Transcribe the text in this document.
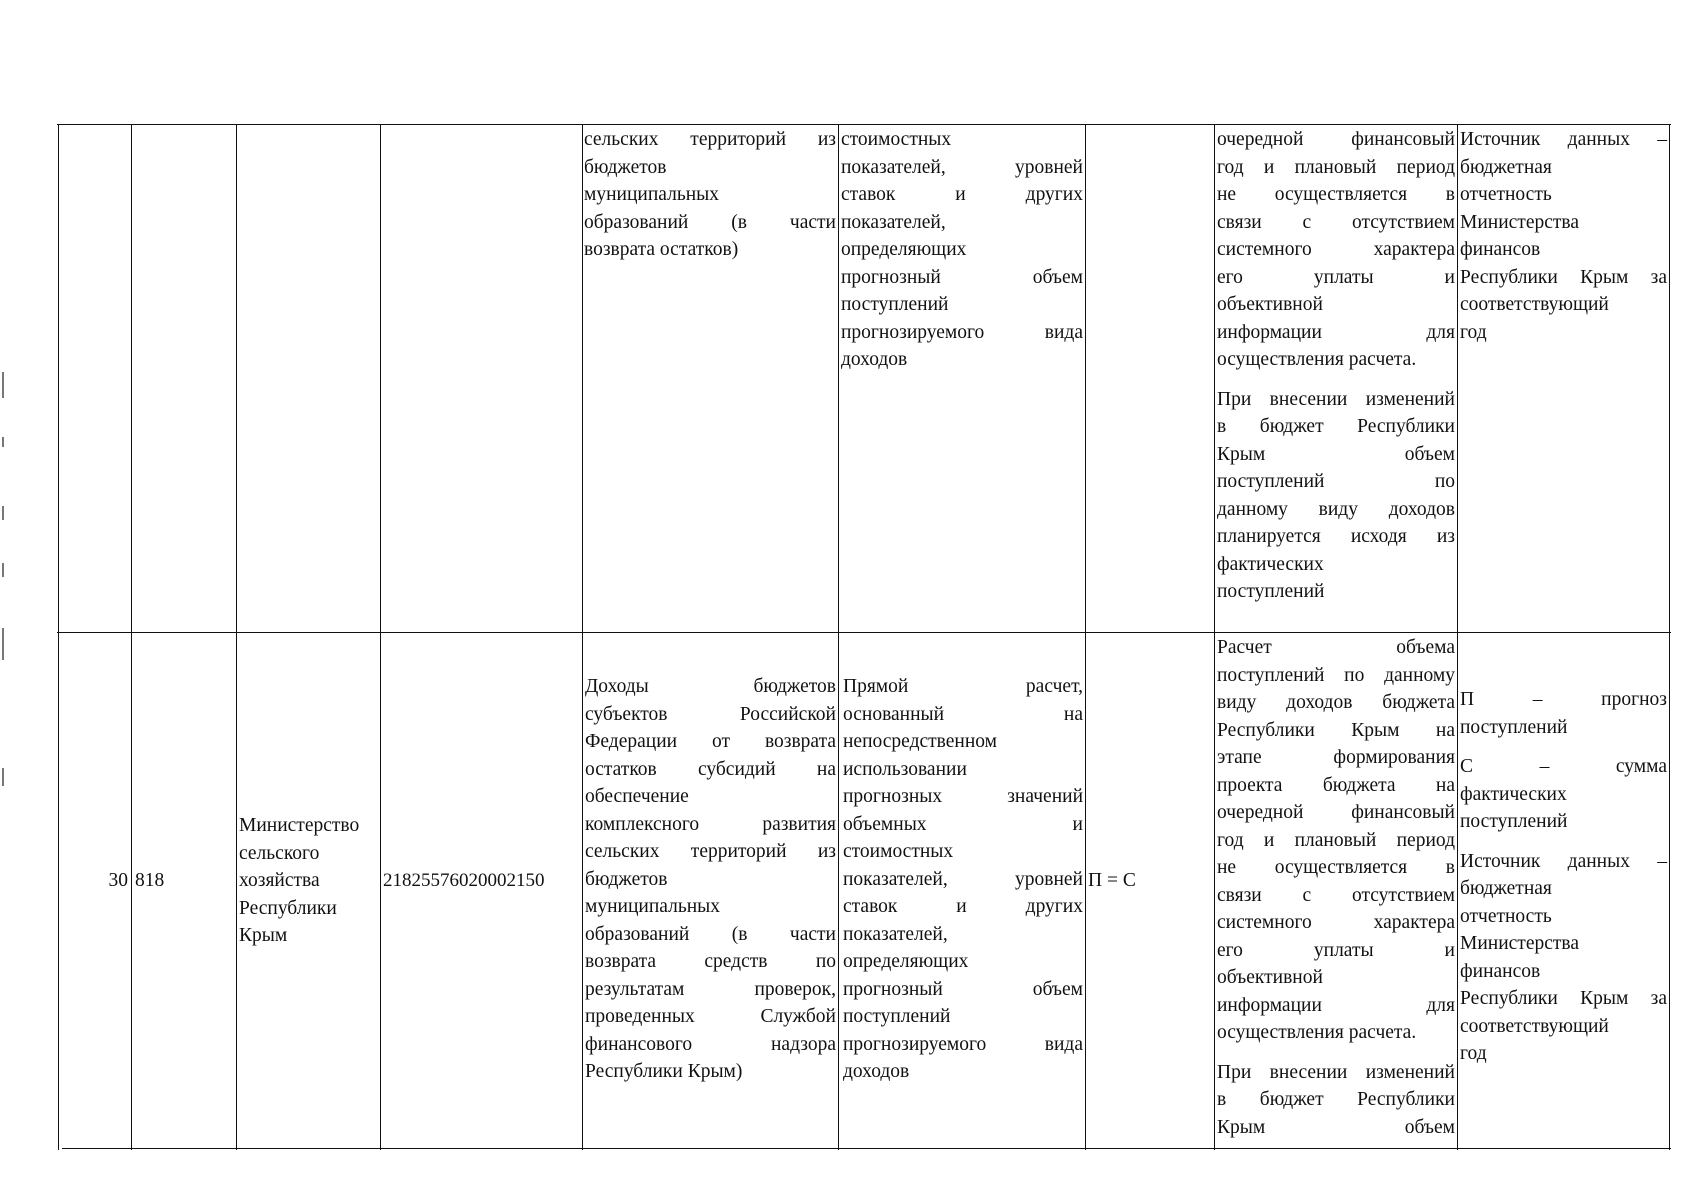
сельских территорий из
бюджетов
муниципальных
образований (в части
возврата остатков)
стоимостных
показателей, уровней
ставок и других
показателей,
определяющих
прогнозный объем
поступлений
прогнозируемого вида
доходов
очередной финансовый
год и плановый период
не осуществляется в
связи с отсутствием
системного характера
его уплаты и
объективной
информации для
осуществления расчета.
При внесении изменений
в бюджет Республики
Крым объем
поступлений по
данному виду доходов
планируется исходя из
фактических
поступлений
Источник данных –
бюджетная
отчетность
Министерства
финансов
Республики Крым за
соответствующий
год
30 818
Министерство
сельского
хозяйства
Республики
Крым
21825576020002150
Доходы бюджетов
субъектов Российской
Федерации от возврата
остатков субсидий на
обеспечение
комплексного развития
сельских территорий из
бюджетов
муниципальных
образований (в части
возврата средств по
результатам проверок,
проведенных Службой
финансового надзора
Республики Крым)
Прямой расчет,
основанный на
непосредственном
использовании
прогнозных значений
объемных и
стоимостных
показателей, уровней
ставок и других
показателей,
определяющих
прогнозный объем
поступлений
прогнозируемого вида
доходов
П = С
Расчет объема
поступлений по данному
виду доходов бюджета
Республики Крым на
этапе формирования
проекта бюджета на
очередной финансовый
год и плановый период
не осуществляется в
связи с отсутствием
системного характера
его уплаты и
объективной
информации для
осуществления расчета.
При внесении изменений
в бюджет Республики
Крым объем
П – прогноз
поступлений
С – сумма
фактических
поступлений
Источник данных –
бюджетная
отчетность
Министерства
финансов
Республики Крым за
соответствующий
год
